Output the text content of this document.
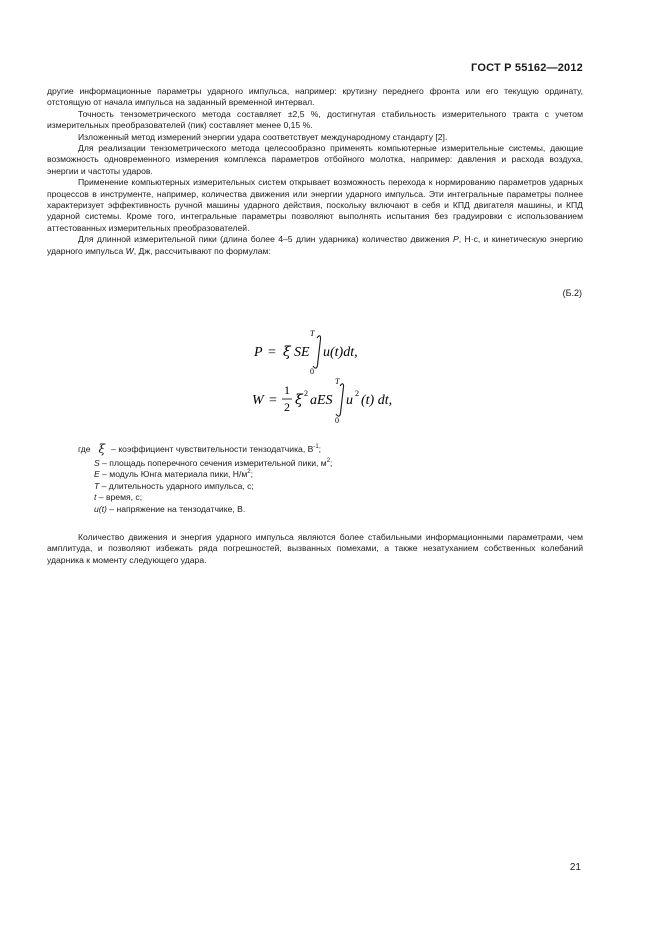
ГОСТ Р 55162—2012

другие информационные параметры ударного импульса, например: крутизну переднего фронта или его текущую ординату, отстоящую от начала импульса на заданный временной интервал.

Точность тензометрического метода составляет ±2,5 %, достигнутая стабильность измерительного тракта с учетом измерительных преобразователей (пик) составляет менее 0,15 %.

Изложенный метод измерений энергии удара соответствует международному стандарту [2].

Для реализации тензометрического метода целесообразно применять компьютерные измерительные системы, дающие возможность одновременного измерения комплекса параметров отбойного молотка, например: давления и расхода воздуха, энергии и частоты ударов.

Применение компьютерных измерительных систем открывает возможность перехода к нормированию параметров ударных процессов в инструменте, например, количества движения или энергии ударного импульса. Эти интегральные параметры полнее характеризует эффективность ручной машины ударного действия, поскольку включают в себя и КПД двигателя машины, и КПД ударной системы. Кроме того, интегральные параметры позволяют выполнять испытания без градуировки с использованием аттестованных измерительных преобразователей.

Для длинной измерительной пики (длина более 4–5 длин ударника) количество движения P, Н·с, и кинетическую энергию ударного импульса W, Дж, рассчитывают по формулам:

(Б.2)
P = ξ SE
T
0
u(t)dt,
W =
1
2 ξ 2 aES
T
0
u 2 (t) dt,
где ξ – коэффициент чувствительности тензодатчика, $В^{-1}$;
S – площадь поперечного сечения измерительной пики, $м^2$;
E – модуль Юнга материала пики, $Н/м^2$;
T – длительность ударного импульса, с;
t – время, с;
u(t) – напряжение на тензодатчике, В.

Количество движения и энергия ударного импульса являются более стабильными информационными параметрами, чем амплитуда, и позволяют избежать ряда погрешностей, вызванных помехами, а также незатуханием собственных колебаний ударника к моменту следующего удара.

21
